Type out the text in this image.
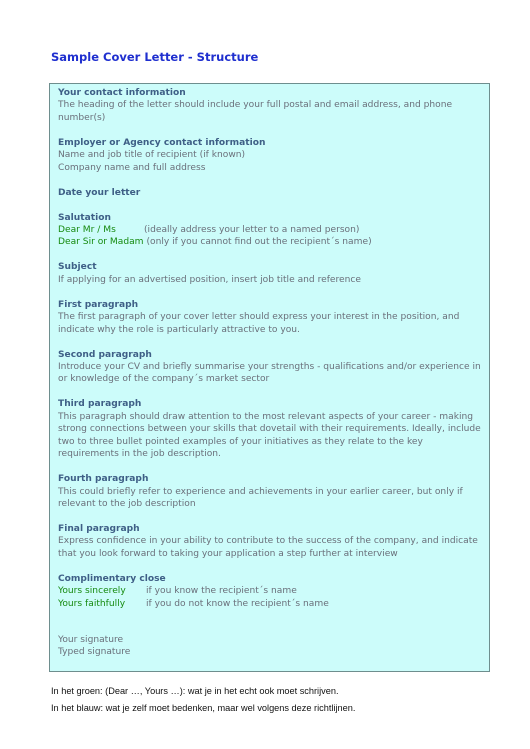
Sample Cover Letter - Structure
Your contact information
The heading of the letter should include your full postal and email address, and phone number(s)
Employer or Agency contact information
Name and job title of recipient (if known)
Company name and full address
Date your letter
Salutation
Dear Mr / Ms	(ideally address your letter to a named person)
Dear Sir or Madam (only if you cannot find out the recipient´s name)
Subject
If applying for an advertised position, insert job title and reference
First paragraph
The first paragraph of your cover letter should express your interest in the position, and indicate why the role is particularly attractive to you.
Second paragraph
Introduce your CV and briefly summarise your strengths - qualifications and/or experience in or knowledge of the company´s market sector
Third paragraph
This paragraph should draw attention to the most relevant aspects of your career - making strong connections between your skills that dovetail with their requirements. Ideally, include two to three bullet pointed examples of your initiatives as they relate to the key requirements in the job description.
Fourth paragraph
This could briefly refer to experience and achievements in your earlier career, but only if relevant to the job description
Final paragraph
Express confidence in your ability to contribute to the success of the company, and indicate that you look forward to taking your application a step further at interview
Complimentary close
Yours sincerely	if you know the recipient´s name
Yours faithfully	if you do not know the recipient´s name
Your signature
Typed signature
In het groen: (Dear …, Yours …): wat je in het echt ook moet schrijven.
In het blauw: wat je zelf moet bedenken, maar wel volgens deze richtlijnen.
